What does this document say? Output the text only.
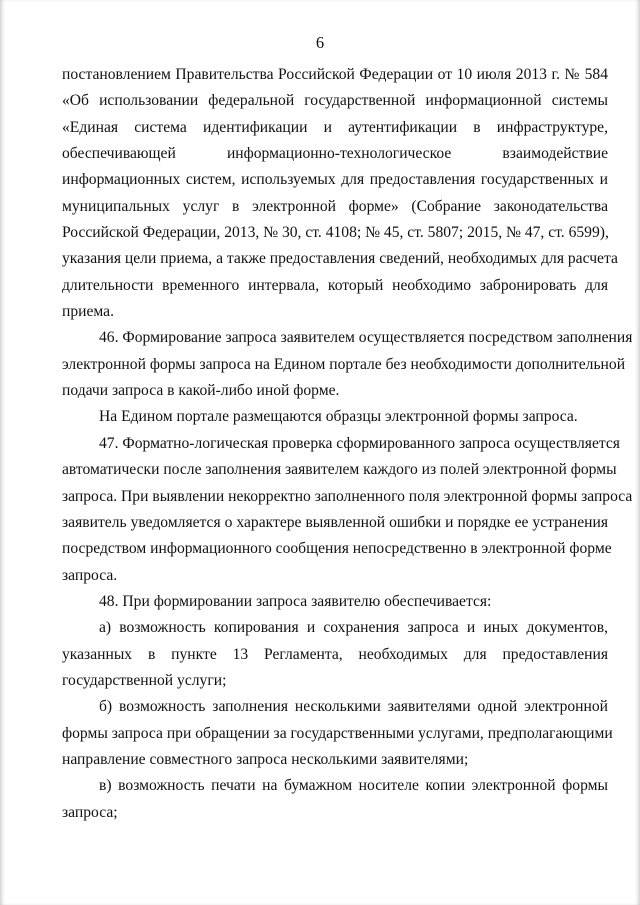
6

постановлением Правительства Российской Федерации от 10 июля 2013 г. № 584
«Об использовании федеральной государственной информационной системы
«Единая система идентификации и аутентификации в инфраструктуре,
обеспечивающей информационно-технологическое взаимодействие
информационных систем, используемых для предоставления государственных и
муниципальных услуг в электронной форме» (Собрание законодательства
Российской Федерации, 2013, № 30, ст. 4108; № 45, ст. 5807; 2015, № 47, ст. 6599),
указания цели приема, а также предоставления сведений, необходимых для расчета
длительности временного интервала, который необходимо забронировать для
приема.

46. Формирование запроса заявителем осуществляется посредством заполнения
электронной формы запроса на Едином портале без необходимости дополнительной
подачи запроса в какой-либо иной форме.

На Едином портале размещаются образцы электронной формы запроса.

47. Форматно-логическая проверка сформированного запроса осуществляется
автоматически после заполнения заявителем каждого из полей электронной формы
запроса. При выявлении некорректно заполненного поля электронной формы запроса
заявитель уведомляется о характере выявленной ошибки и порядке ее устранения
посредством информационного сообщения непосредственно в электронной форме
запроса.

48. При формировании запроса заявителю обеспечивается:

а) возможность копирования и сохранения запроса и иных документов,
указанных в пункте 13 Регламента, необходимых для предоставления
государственной услуги;

б) возможность заполнения несколькими заявителями одной электронной
формы запроса при обращении за государственными услугами, предполагающими
направление совместного запроса несколькими заявителями;

в) возможность печати на бумажном носителе копии электронной формы
запроса;
